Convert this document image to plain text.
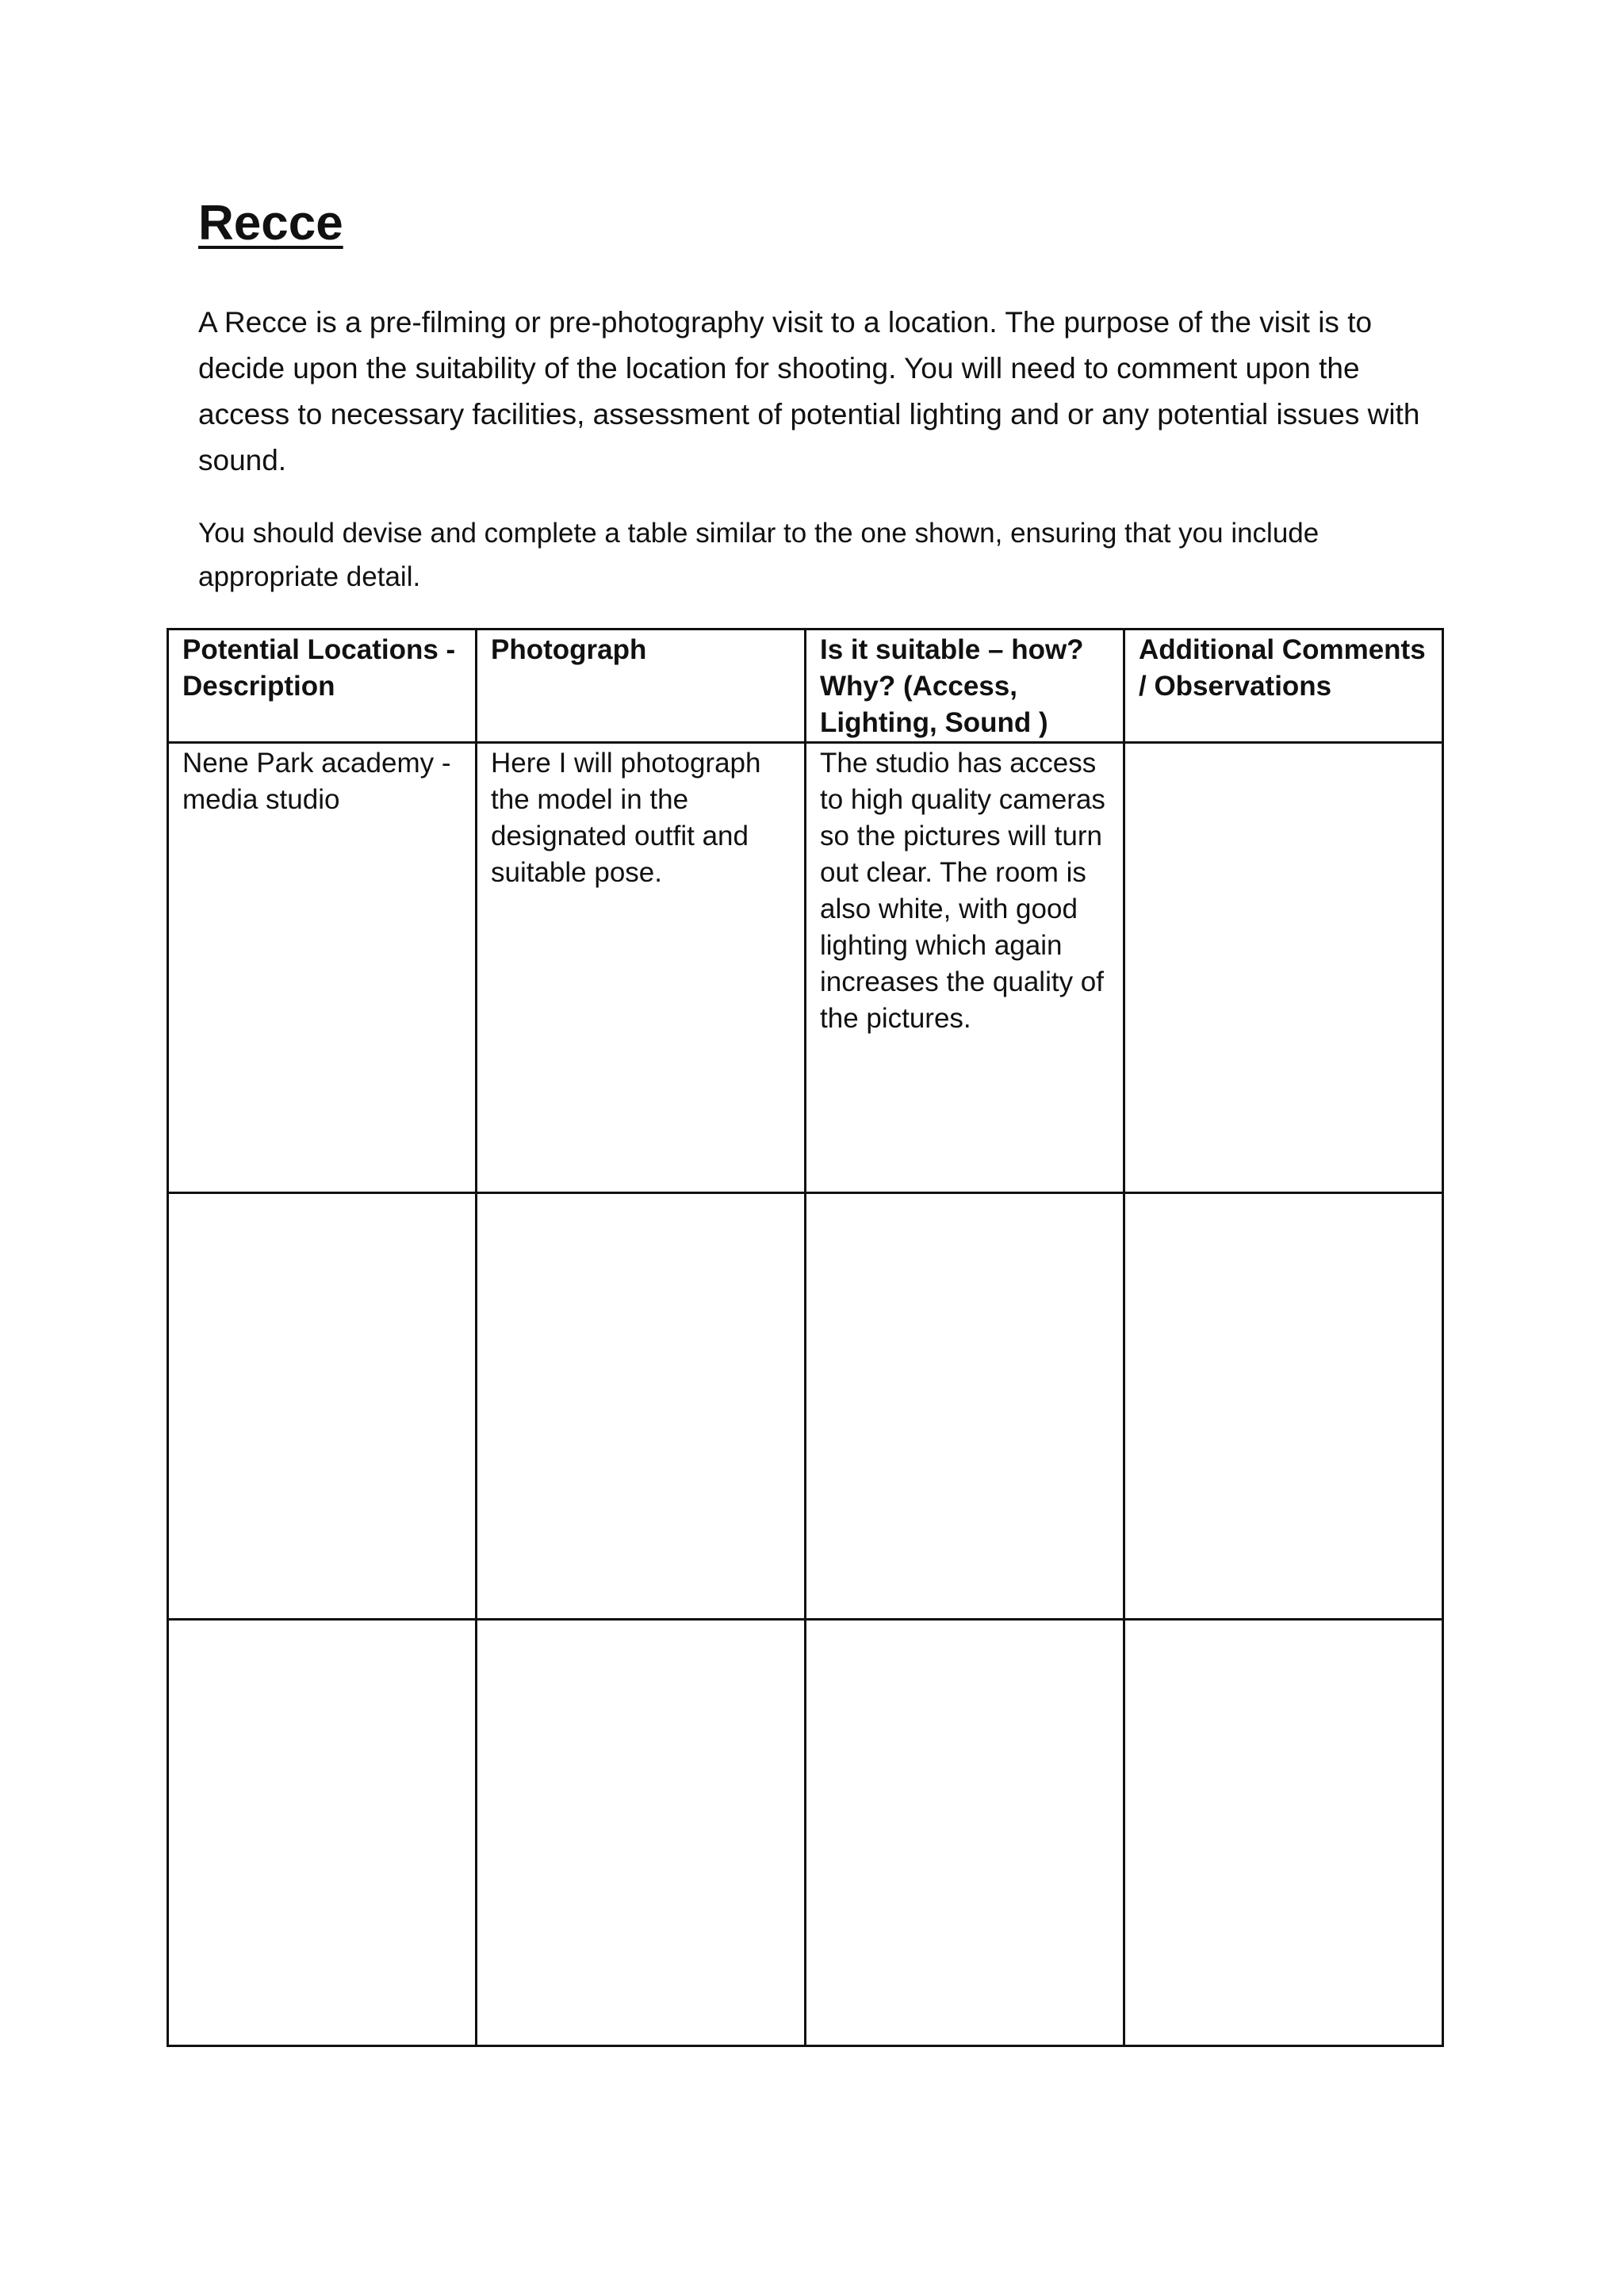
Recce

A Recce is a pre-filming or pre-photography visit to a location. The purpose of the visit is to decide upon the suitability of the location for shooting. You will need to comment upon the access to necessary facilities, assessment of potential lighting and or any potential issues with sound.

You should devise and complete a table similar to the one shown, ensuring that you include appropriate detail.

Potential Locations - Description	Photograph	Is it suitable – how? Why? (Access, Lighting, Sound )	Additional Comments / Observations
Nene Park academy - media studio	Here I will photograph the model in the designated outfit and suitable pose.	The studio has access to high quality cameras so the pictures will turn out clear. The room is also white, with good lighting which again increases the quality of the pictures.	
